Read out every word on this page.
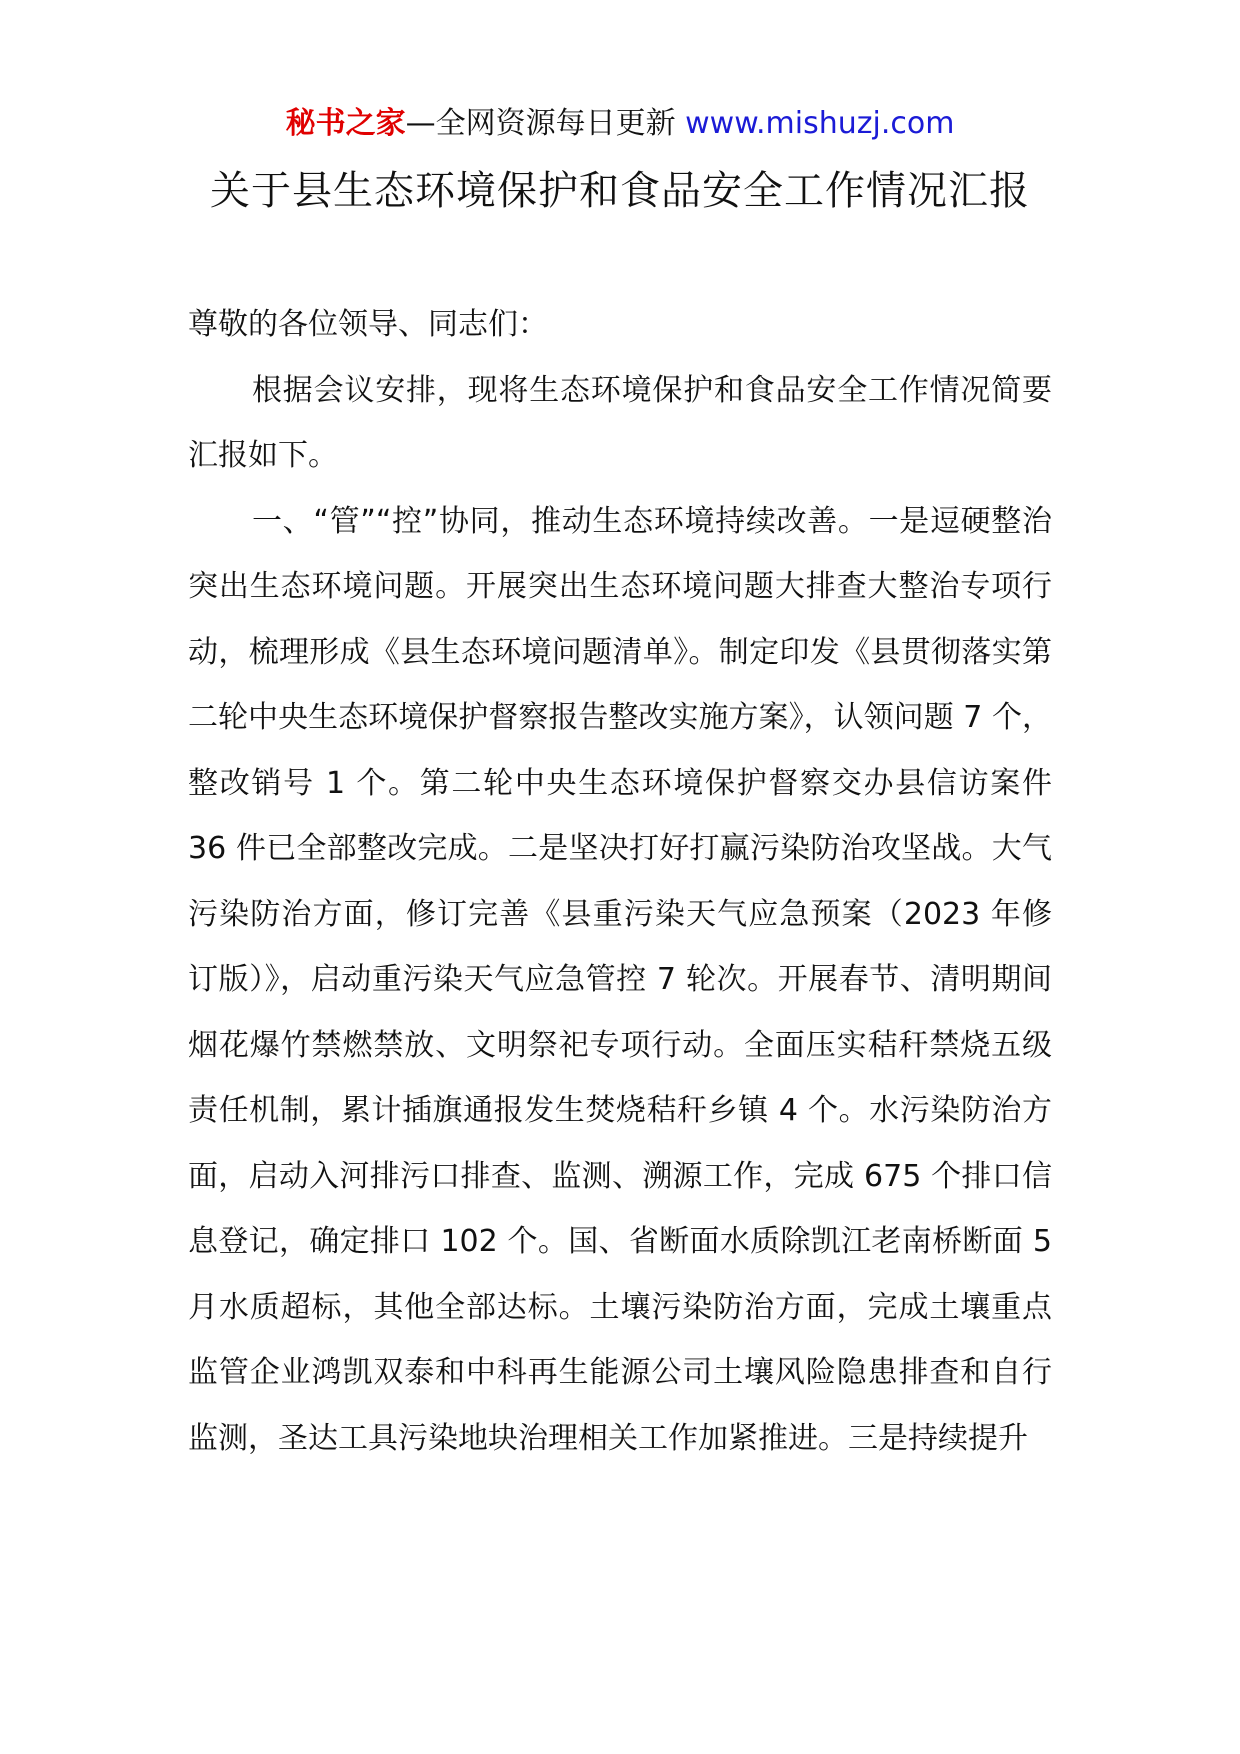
秘书之家—全网资源每日更新 www.mishuzj.com
关于县生态环境保护和食品安全工作情况汇报

尊敬的各位领导、同志们：

根据会议安排，现将生态环境保护和食品安全工作情况简要汇报如下。

一、“管”“控”协同，推动生态环境持续改善。一是逗硬整治突出生态环境问题。开展突出生态环境问题大排查大整治专项行动，梳理形成《县生态环境问题清单》。制定印发《县贯彻落实第二轮中央生态环境保护督察报告整改实施方案》，认领问题 7 个，整改销号 1 个。第二轮中央生态环境保护督察交办县信访案件 36 件已全部整改完成。二是坚决打好打赢污染防治攻坚战。大气污染防治方面，修订完善《县重污染天气应急预案（2023 年修订版）》，启动重污染天气应急管控 7 轮次。开展春节、清明期间烟花爆竹禁燃禁放、文明祭祀专项行动。全面压实秸秆禁烧五级责任机制，累计插旗通报发生焚烧秸秆乡镇 4 个。水污染防治方面，启动入河排污口排查、监测、溯源工作，完成 675 个排口信息登记，确定排口 102 个。国、省断面水质除凯江老南桥断面 5 月水质超标，其他全部达标。土壤污染防治方面，完成土壤重点监管企业鸿凯双泰和中科再生能源公司土壤风险隐患排查和自行监测，圣达工具污染地块治理相关工作加紧推进。三是持续提升
